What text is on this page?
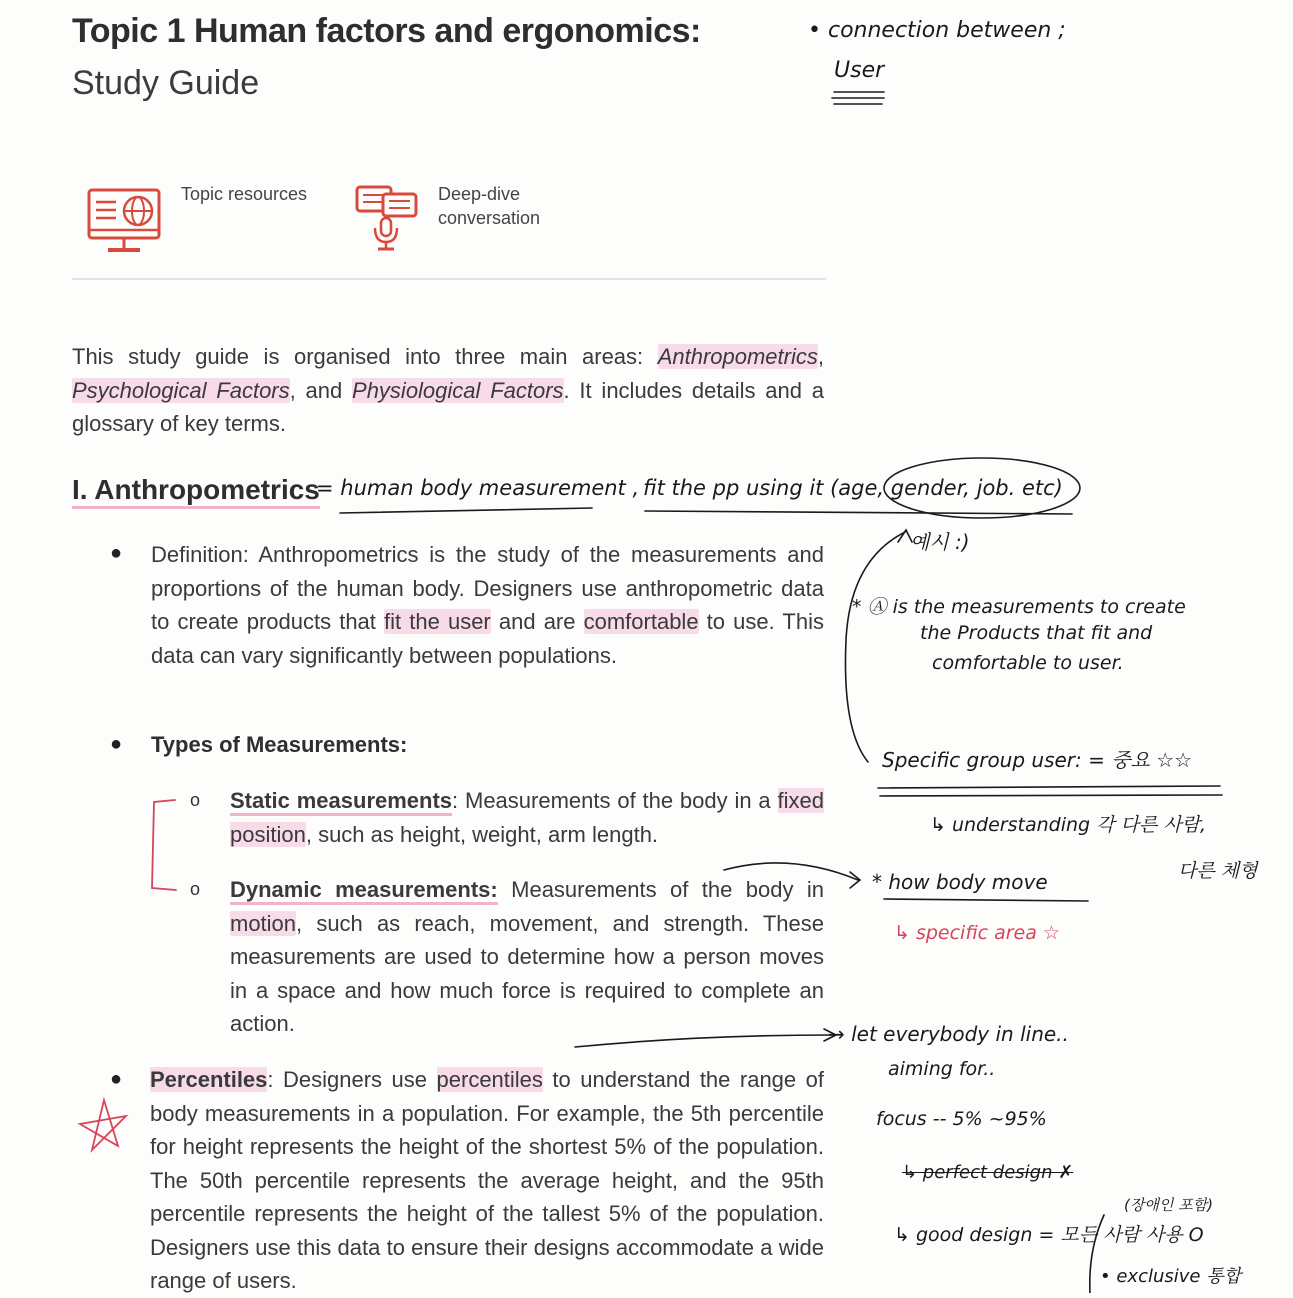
Topic 1 Human factors and ergonomics:
Study Guide
Topic resources	Deep-dive
conversation
This study guide is organised into three main areas: Anthropometrics, Psychological Factors, and Physiological Factors. It includes details and a glossary of key terms.
I. Anthropometrics
● Definition: Anthropometrics is the study of the measurements and proportions of the human body. Designers use anthropometric data to create products that fit the user and are comfortable to use. This data can vary significantly between populations.
● Types of Measurements:
o Static measurements: Measurements of the body in a fixed position, such as height, weight, arm length.
o Dynamic measurements: Measurements of the body in motion, such as reach, movement, and strength. These measurements are used to determine how a person moves in a space and how much force is required to complete an action.
● Percentiles: Designers use percentiles to understand the range of body measurements in a population. For example, the 5th percentile for height represents the height of the shortest 5% of the population. The 50th percentile represents the average height, and the 95th percentile represents the height of the tallest 5% of the population. Designers use this data to ensure their designs accommodate a wide range of users.
• connection between ;
User
= human body measurement , fit the pp using it (age, gender, job. etc)
예시 :)
* Ⓐ is the measurements to create
the Products that fit and
comfortable to user.
Specific group user: = 중요 ☆☆
↳ understanding 각 다른 사람,
다른 체형
* how body move
↳ specific area ☆
→ let everybody in line..
aiming for..
focus -- 5% ~95%
↳ perfect design ✗
(장애인 포함)
↳ good design = 모든 사람 사용 O
• exclusive 통합
